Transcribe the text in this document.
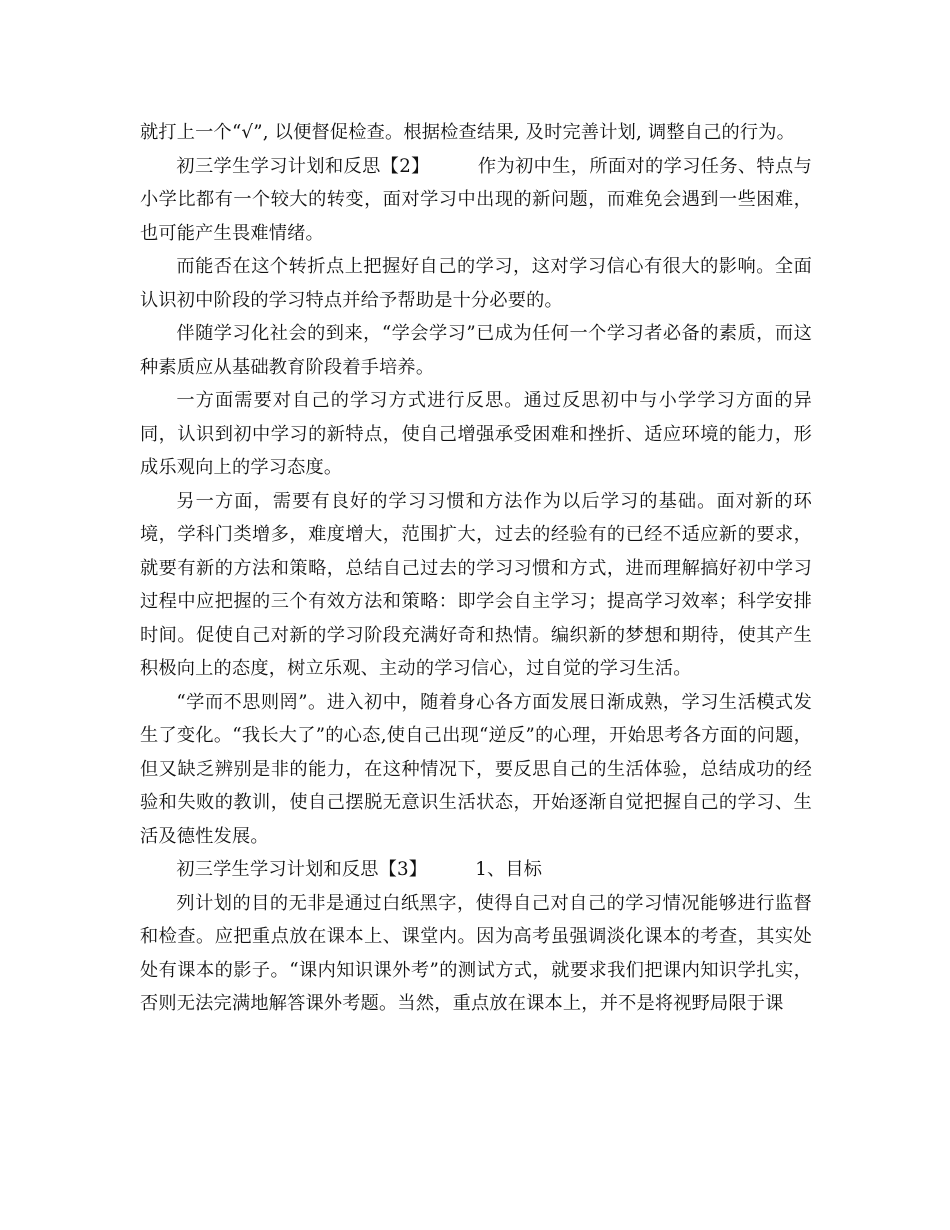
就打上一个“√”, 以便督促检查。根据检查结果, 及时完善计划, 调整自己的行为。

初三学生学习计划和反思【2】	作为初中生，所面对的学习任务、特点与小学比都有一个较大的转变，面对学习中出现的新问题，而难免会遇到一些困难，也可能产生畏难情绪。

而能否在这个转折点上把握好自己的学习，这对学习信心有很大的影响。全面认识初中阶段的学习特点并给予帮助是十分必要的。

伴随学习化社会的到来，“学会学习”已成为任何一个学习者必备的素质，而这种素质应从基础教育阶段着手培养。

一方面需要对自己的学习方式进行反思。通过反思初中与小学学习方面的异同，认识到初中学习的新特点，使自己增强承受困难和挫折、适应环境的能力，形成乐观向上的学习态度。

另一方面，需要有良好的学习习惯和方法作为以后学习的基础。面对新的环境，学科门类增多，难度增大，范围扩大，过去的经验有的已经不适应新的要求，就要有新的方法和策略，总结自己过去的学习习惯和方式，进而理解搞好初中学习过程中应把握的三个有效方法和策略：即学会自主学习；提高学习效率；科学安排时间。促使自己对新的学习阶段充满好奇和热情。编织新的梦想和期待，使其产生积极向上的态度，树立乐观、主动的学习信心，过自觉的学习生活。

“学而不思则罔”。进入初中，随着身心各方面发展日渐成熟，学习生活模式发生了变化。“我长大了”的心态,使自己出现“逆反”的心理，开始思考各方面的问题，但又缺乏辨别是非的能力，在这种情况下，要反思自己的生活体验，总结成功的经验和失败的教训，使自己摆脱无意识生活状态，开始逐渐自觉把握自己的学习、生活及德性发展。

初三学生学习计划和反思【3】	1、目标

列计划的目的无非是通过白纸黑字，使得自己对自己的学习情况能够进行监督和检查。应把重点放在课本上、课堂内。因为高考虽强调淡化课本的考查，其实处处有课本的影子。“课内知识课外考”的测试方式，就要求我们把课内知识学扎实，否则无法完满地解答课外考题。当然，重点放在课本上，并不是将视野局限于课
